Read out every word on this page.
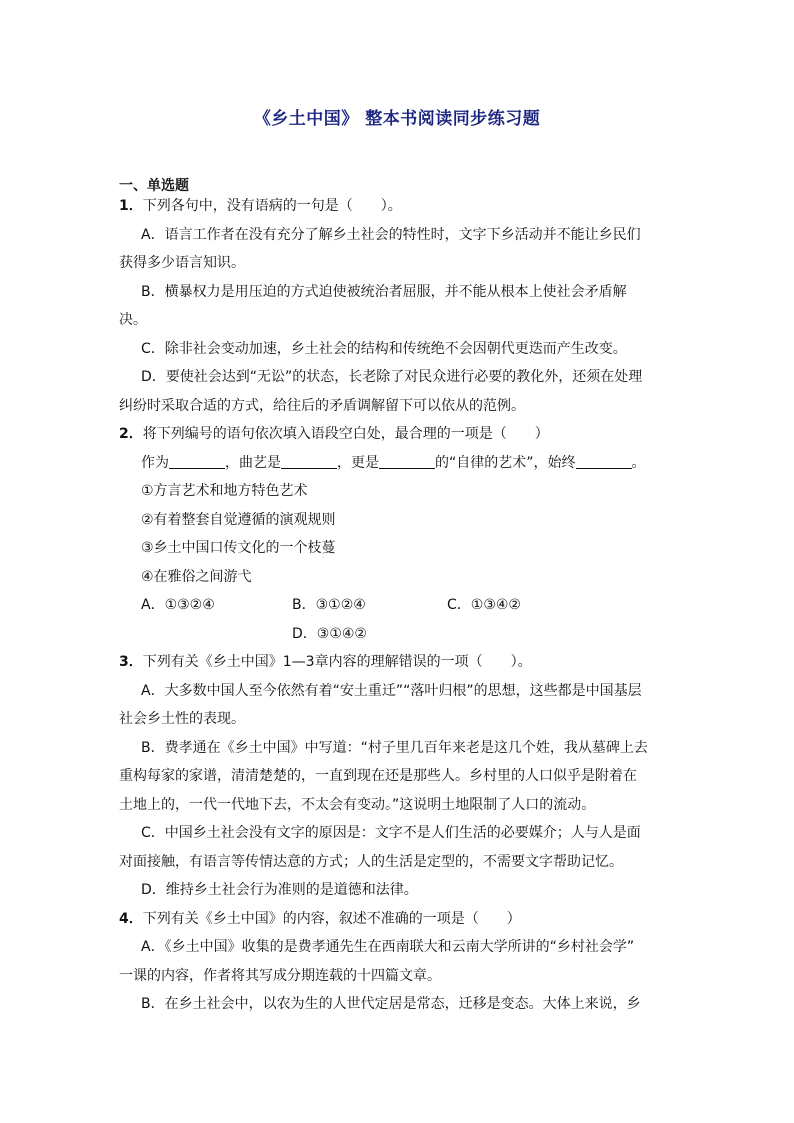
《乡土中国》 整本书阅读同步练习题
一、单选题
1．下列各句中，没有语病的一句是（　　）。
A．语言工作者在没有充分了解乡土社会的特性时，文字下乡活动并不能让乡民们
获得多少语言知识。
B．横暴权力是用压迫的方式迫使被统治者屈服，并不能从根本上使社会矛盾解
决。
C．除非社会变动加速，乡土社会的结构和传统绝不会因朝代更迭而产生改变。
D．要使社会达到“无讼”的状态，长老除了对民众进行必要的教化外，还须在处理
纠纷时采取合适的方式，给往后的矛盾调解留下可以依从的范例。
2．将下列编号的语句依次填入语段空白处，最合理的一项是（　　）
作为	，曲艺是	，更是	的“自律的艺术”，始终	。
①方言艺术和地方特色艺术
②有着整套自觉遵循的演观规则
③乡土中国口传文化的一个枝蔓
④在雅俗之间游弋
A．①③②④	B．③①②④	C．①③④②
D．③①④②
3．下列有关《乡土中国》1—3章内容的理解错误的一项（　　）。
A．大多数中国人至今依然有着“安土重迁”“落叶归根”的思想，这些都是中国基层
社会乡土性的表现。
B．费孝通在《乡土中国》中写道：“村子里几百年来老是这几个姓，我从墓碑上去
重构每家的家谱，清清楚楚的，一直到现在还是那些人。乡村里的人口似乎是附着在
土地上的，一代一代地下去，不太会有变动。”这说明土地限制了人口的流动。
C．中国乡土社会没有文字的原因是：文字不是人们生活的必要媒介；人与人是面
对面接触，有语言等传情达意的方式；人的生活是定型的，不需要文字帮助记忆。
D．维持乡土社会行为准则的是道德和法律。
4．下列有关《乡土中国》的内容，叙述不准确的一项是（　　）
A．《乡土中国》收集的是费孝通先生在西南联大和云南大学所讲的“乡村社会学”
一课的内容，作者将其写成分期连载的十四篇文章。
B．在乡土社会中，以农为生的人世代定居是常态，迁移是变态。大体上来说，乡
